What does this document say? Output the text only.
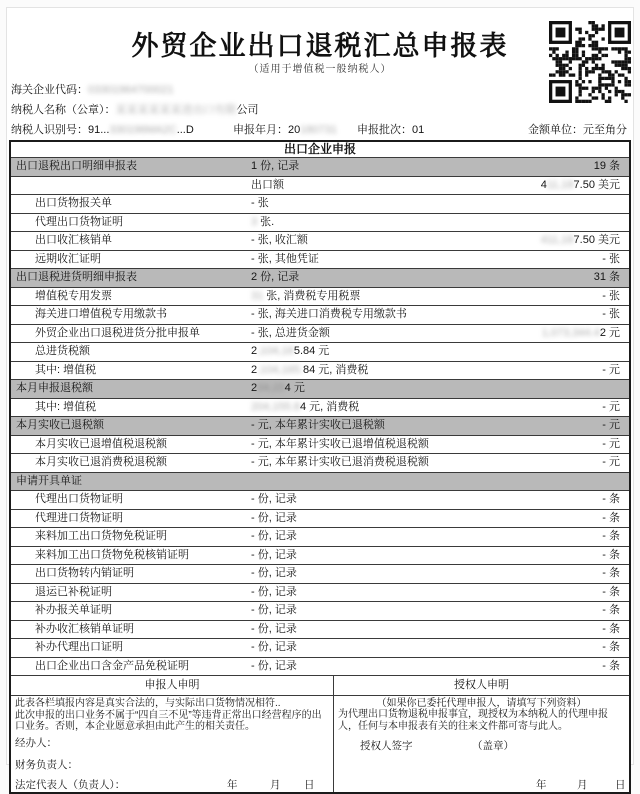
外贸企业出口退税汇总申报表
（适用于增值税一般纳税人）
海关企业代码：03301964700021
纳税人名称（公章）：某某某某某某进出口有限公司
纳税人识别号：91...330196MA2C...D	申报年月：20180731 申报批次：01	金额单位：元至角分
出口企业申报
出口退税出口明细申报表	1 份, 记录	19 条
出口额	411,187.50 美元
出口货物报关单	- 张
代理出口货物证明	3 张.
出口收汇核销单	- 张, 收汇额	411,187.50 美元
远期收汇证明	- 张, 其他凭证	- 张
出口退税进货明细申报表	2 份, 记录	31 条
增值税专用发票	31 张, 消费税专用税票	- 张
海关进口增值税专用缴款书	- 张, 海关进口消费税专用缴款书	- 张
外贸企业出口退税进货分批申报单	- 张, 总进货金额	1,073,344.42 元
总进货税额	2,104,165.84 元
其中: 增值税	2,104,165.84 元, 消费税	- 元
本月申报退税额	204,154 元
其中: 增值税	204,155.84 元, 消费税	- 元
本月实收已退税额	- 元, 本年累计实收已退税额	- 元
本月实收已退增值税退税额	- 元, 本年累计实收已退增值税退税额	- 元
本月实收已退消费税退税额	- 元, 本年累计实收已退消费税退税额	- 元
申请开具单证
代理出口货物证明	- 份, 记录	- 条
代理进口货物证明	- 份, 记录	- 条
来料加工出口货物免税证明	- 份, 记录	- 条
来料加工出口货物免税核销证明	- 份, 记录	- 条
出口货物转内销证明	- 份, 记录	- 条
退运已补税证明	- 份, 记录	- 条
补办报关单证明	- 份, 记录	- 条
补办收汇核销单证明	- 份, 记录	- 条
补办代理出口证明	- 份, 记录	- 条
出口企业出口含金产品免税证明	- 份, 记录	- 条
申报人申明	授权人申明
此表各栏填报内容是真实合法的，与实际出口货物情况相符..
此次申报的出口业务不属于“四自三不见”等违背正常出口经营程序的出口业务。否则，本企业愿意承担由此产生的相关责任。
经办人：
财务负责人：
法定代表人（负责人）：	年	月 日
（如果你已委托代理申报人，请填写下列资料）
为代理出口货物退税申报事宜，现授权为本纳税人的代理申报人，任何与本申报表有关的往来文件都可寄与此人。
授权人签字	（盖章）
年	月	日
